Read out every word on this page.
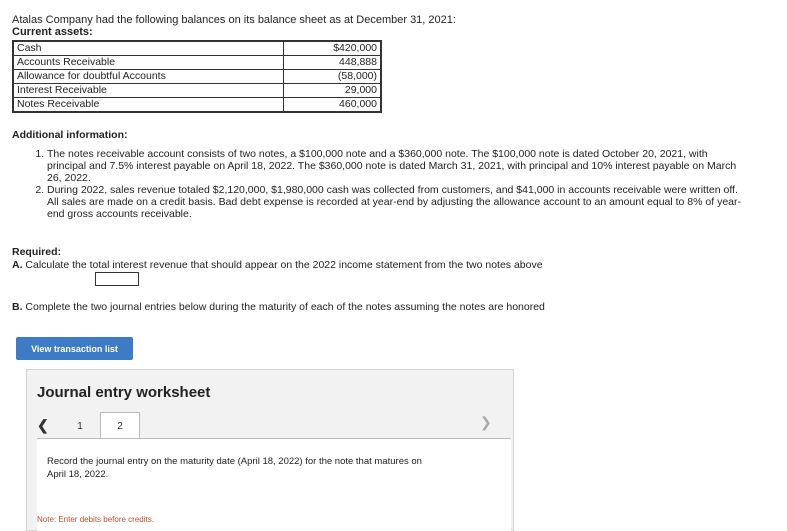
Atalas Company had the following balances on its balance sheet as at December 31, 2021:
Current assets:
Cash	$420,000
Accounts Receivable	448,888
Allowance for doubtful Accounts	(58,000)
Interest Receivable	29,000
Notes Receivable	460,000
Additional information:
1. The notes receivable account consists of two notes, a $100,000 note and a $360,000 note. The $100,000 note is dated October 20, 2021, with principal and 7.5% interest payable on April 18, 2022. The $360,000 note is dated March 31, 2021, with principal and 10% interest payable on March 26, 2022.
2. During 2022, sales revenue totaled $2,120,000, $1,980,000 cash was collected from customers, and $41,000 in accounts receivable were written off. All sales are made on a credit basis. Bad debt expense is recorded at year-end by adjusting the allowance account to an amount equal to 8% of year-end gross accounts receivable.
Required:
A. Calculate the total interest revenue that should appear on the 2022 income statement from the two notes above
B. Complete the two journal entries below during the maturity of each of the notes assuming the notes are honored
View transaction list
Journal entry worksheet
❮	1	2
Record the journal entry on the maturity date (April 18, 2022) for the note that matures on April 18, 2022.
Note: Enter debits before credits.
❯
